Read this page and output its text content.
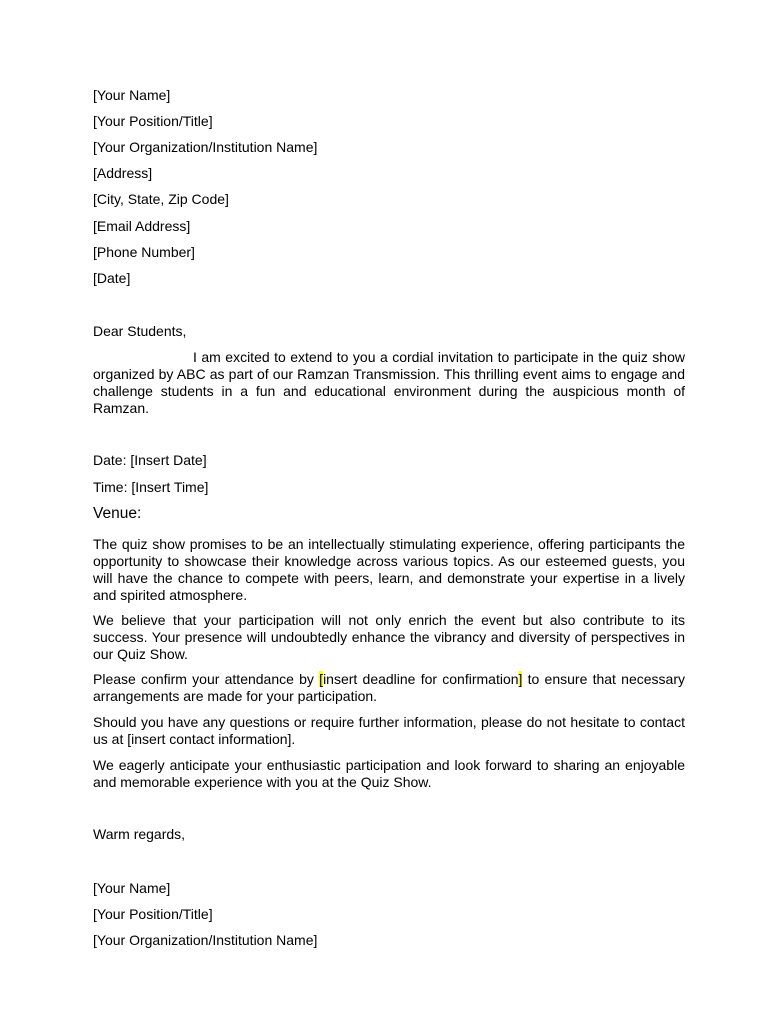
[Your Name]
[Your Position/Title]
[Your Organization/Institution Name]
[Address]
[City, State, Zip Code]
[Email Address]
[Phone Number]
[Date]
Dear Students,
I am excited to extend to you a cordial invitation to participate in the quiz show organized by ABC as part of our Ramzan Transmission. This thrilling event aims to engage and challenge students in a fun and educational environment during the auspicious month of Ramzan.
Date: [Insert Date]
Time: [Insert Time]
Venue:
The quiz show promises to be an intellectually stimulating experience, offering participants the opportunity to showcase their knowledge across various topics. As our esteemed guests, you will have the chance to compete with peers, learn, and demonstrate your expertise in a lively and spirited atmosphere.
We believe that your participation will not only enrich the event but also contribute to its success. Your presence will undoubtedly enhance the vibrancy and diversity of perspectives in our Quiz Show.
Please confirm your attendance by [insert deadline for confirmation] to ensure that necessary arrangements are made for your participation.
Should you have any questions or require further information, please do not hesitate to contact us at [insert contact information].
We eagerly anticipate your enthusiastic participation and look forward to sharing an enjoyable and memorable experience with you at the Quiz Show.
Warm regards,
[Your Name]
[Your Position/Title]
[Your Organization/Institution Name]
